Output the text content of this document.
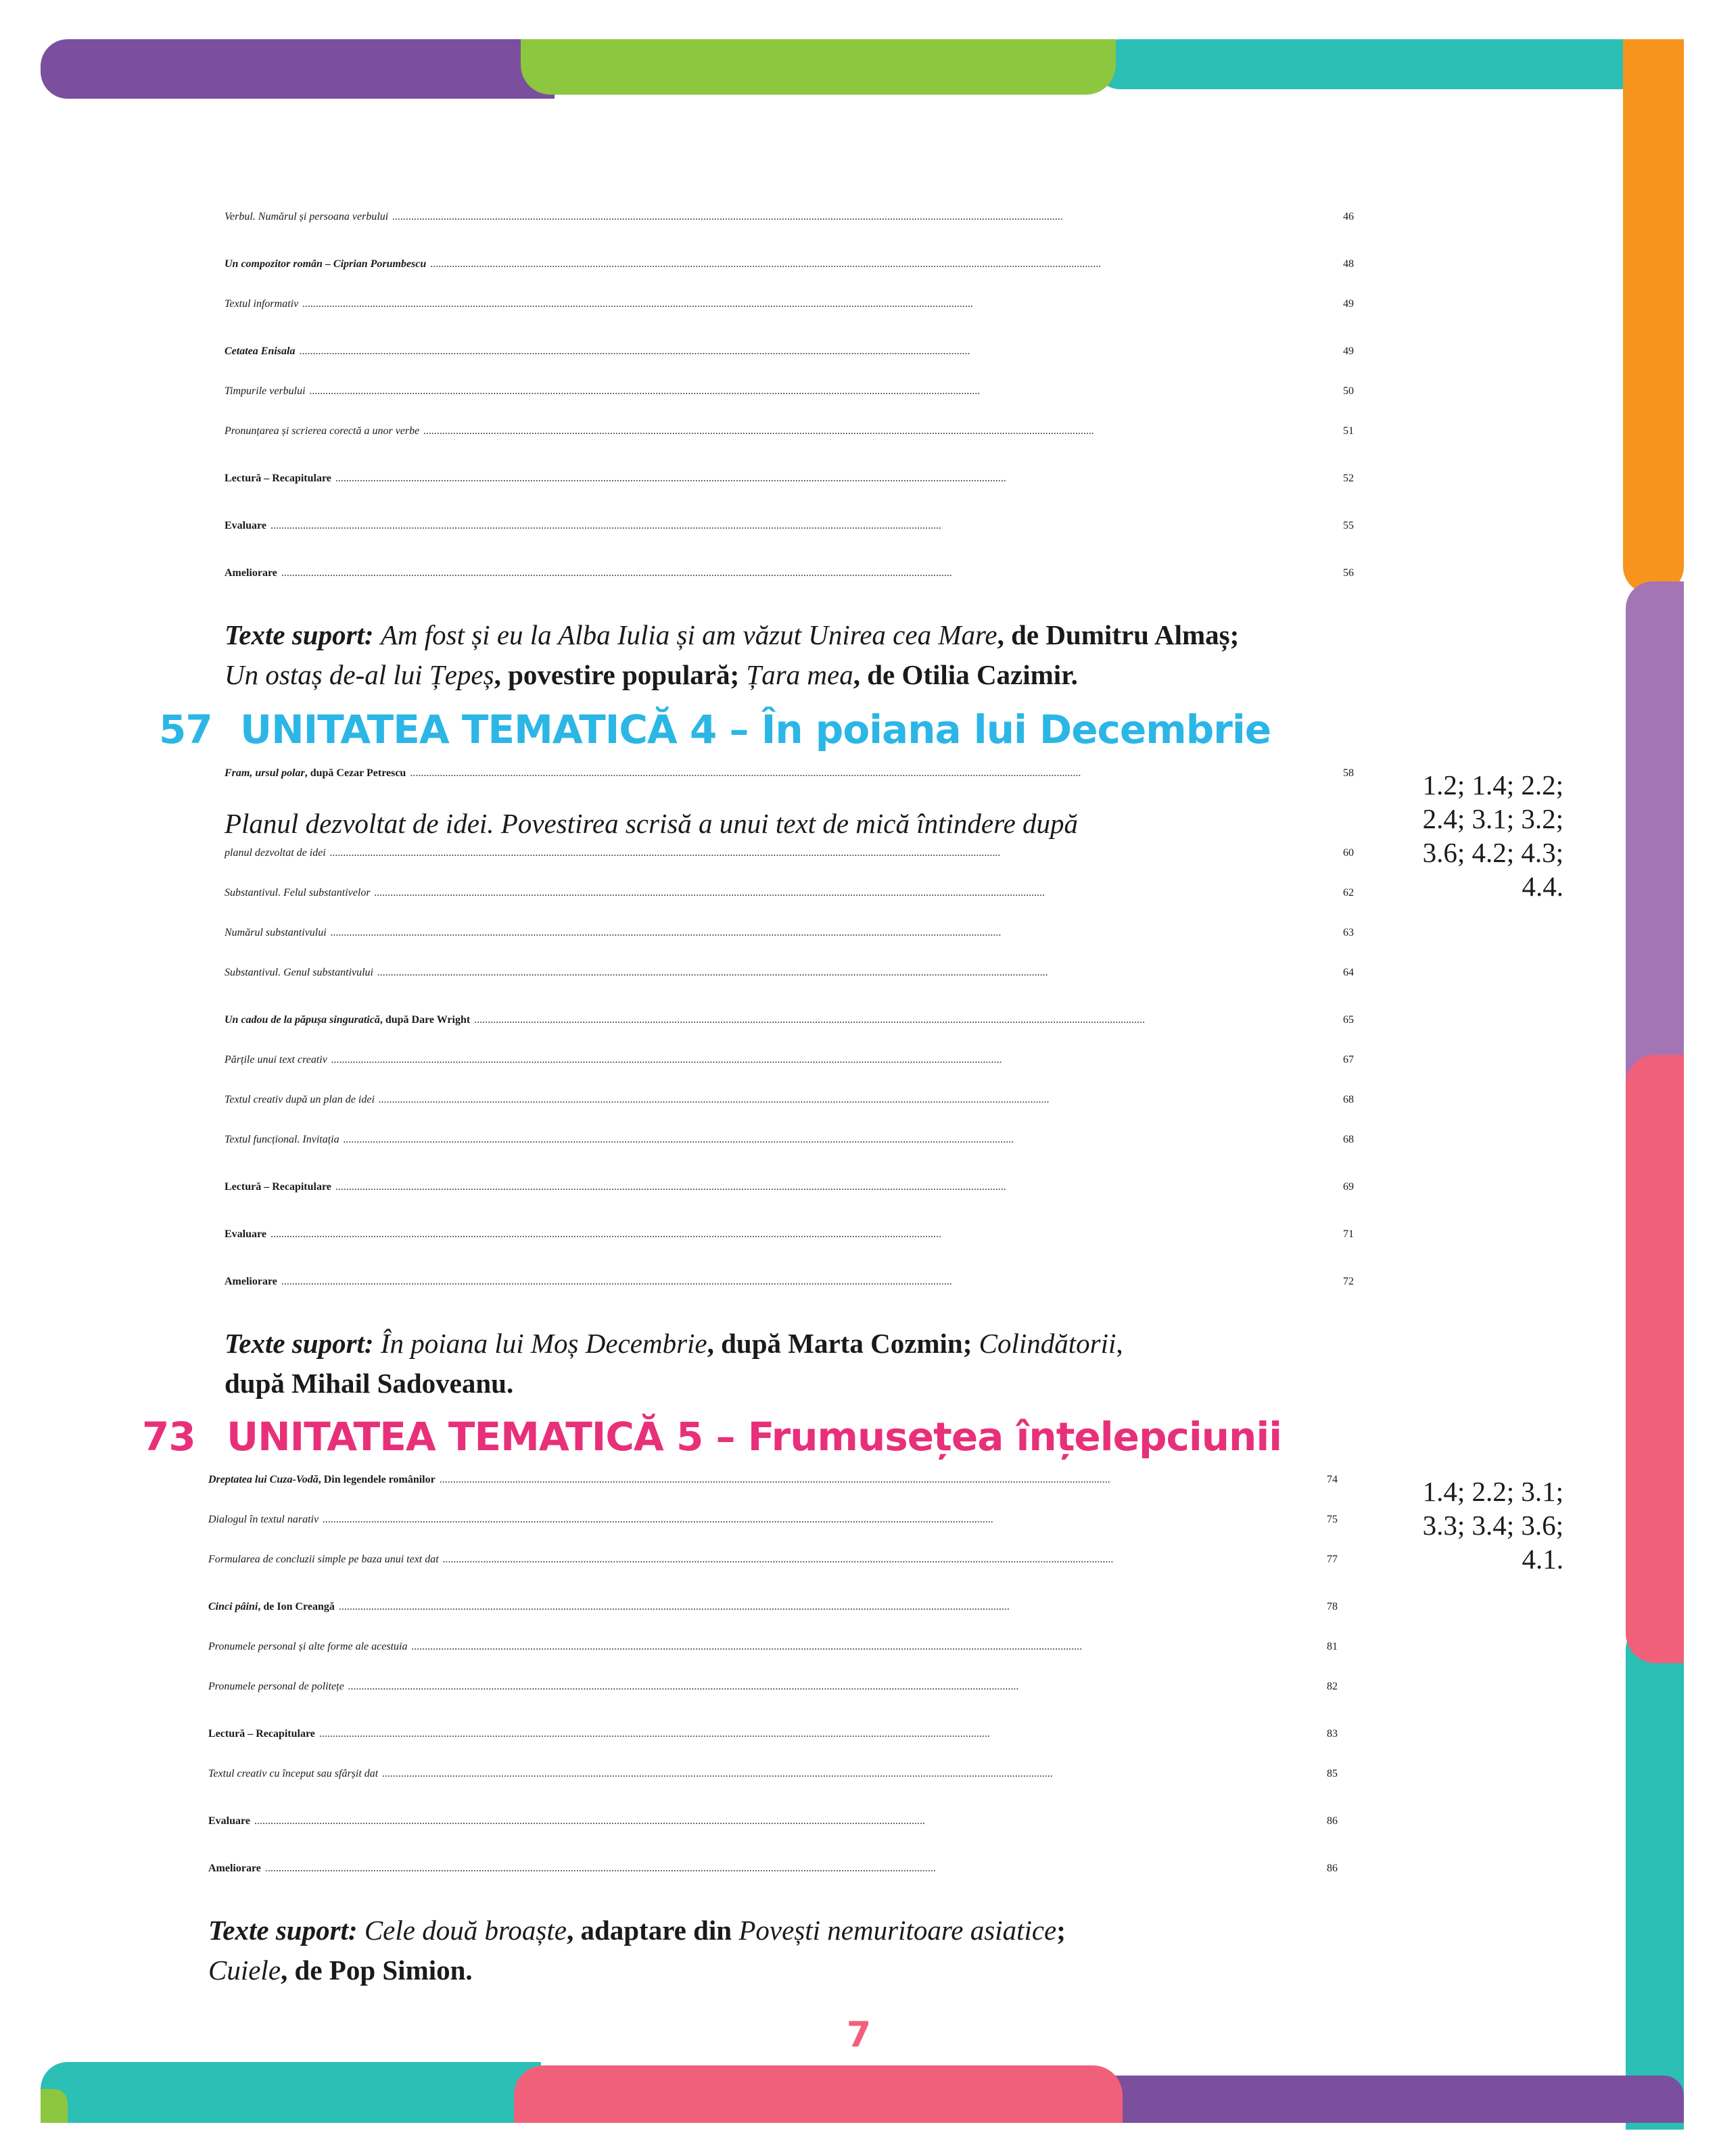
Verbul. Numărul și persoana verbului .....	46
Un compozitor român – Ciprian Porumbescu .....	48
Textul informativ .....	49
Cetatea Enisala .....	49
Timpurile verbului .....	50
Pronunțarea și scrierea corectă a unor verbe .....	51
Lectură – Recapitulare .....	52
Evaluare .....	55
Ameliorare .....	56
Texte suport: Am fost și eu la Alba Iulia și am văzut Unirea cea Mare, de Dumitru Almaș;
Un ostaș de-al lui Țepeș, povestire populară; Țara mea, de Otilia Cazimir.
57 UNITATEA TEMATICĂ 4 – În poiana lui Decembrie
Fram, ursul polar, după Cezar Petrescu .....	58
Planul dezvoltat de idei. Povestirea scrisă a unui text de mică întindere după
planul dezvoltat de idei .....	60
Substantivul. Felul substantivelor .....	62
Numărul substantivului .....	63
Substantivul. Genul substantivului .....	64
Un cadou de la păpușa singuratică, după Dare Wright .....	65
Părțile unui text creativ .....	67
Textul creativ după un plan de idei .....	68
Textul funcțional. Invitația .....	68
Lectură – Recapitulare .....	69
Evaluare .....	71
Ameliorare .....	72
Texte suport: În poiana lui Moș Decembrie, după Marta Cozmin; Colindătorii,
după Mihail Sadoveanu.
1.2; 1.4; 2.2;
2.4; 3.1; 3.2;
3.6; 4.2; 4.3;
4.4.
73 UNITATEA TEMATICĂ 5 – Frumusețea înțelepciunii
Dreptatea lui Cuza-Vodă, Din legendele românilor .....	74
Dialogul în textul narativ .....	75
Formularea de concluzii simple pe baza unui text dat .....	77
Cinci pâini, de Ion Creangă .....	78
Pronumele personal și alte forme ale acestuia .....	81
Pronumele personal de politețe .....	82
Lectură – Recapitulare .....	83
Textul creativ cu început sau sfârșit dat .....	85
Evaluare .....	86
Ameliorare .....	86
Texte suport: Cele două broaște, adaptare din Povești nemuritoare asiatice;
Cuiele, de Pop Simion.
1.4; 2.2; 3.1;
3.3; 3.4; 3.6;
4.1.
7
